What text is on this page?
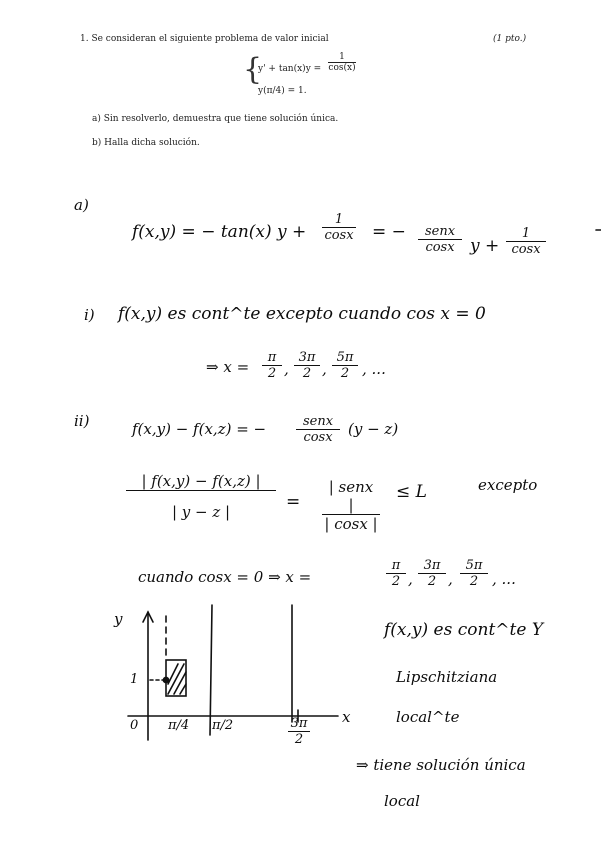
1. Se consideran el siguiente problema de valor inicial	(1 pto.)
{
$y' + \tan(x)y = \frac{1}{\cos(x)}$
y(π/4) = 1.
a) Sin resolverlo, demuestra que tiene solución única.
b) Halla dicha solución.
a)
f(x,y) = − tan(x) $y + \frac{1}{\cos x}$ = −	senx
cosx $y + \frac{1}{\cos x}$
i) f(x,y) es cont^te excepto cuando cos x = 0
⇒ $x = \frac{\pi}{2}$ , $\frac{3\pi}{2}$ , $\frac{5\pi}{2}$ , ...
ii)	f(x,y) − f(x,z) = −	senx
cosx	(y − z)
$\frac{| f(x,y) - f(x,z) |}{| y - z |}$ =
| senx |
| cosx |
≤ L	excepto
cuando cosx = 0 ⇒ x =	$\frac{\pi}{2}$ , $\frac{3\pi}{2}$ , $\frac{5\pi}{2}$ , ...
y
1
0 π/4 π/2	$\frac{3\pi}{2}$ x
f(x,y) es cont^te Y
Lipschitziana
local^te
⇒ tiene solución única
local
